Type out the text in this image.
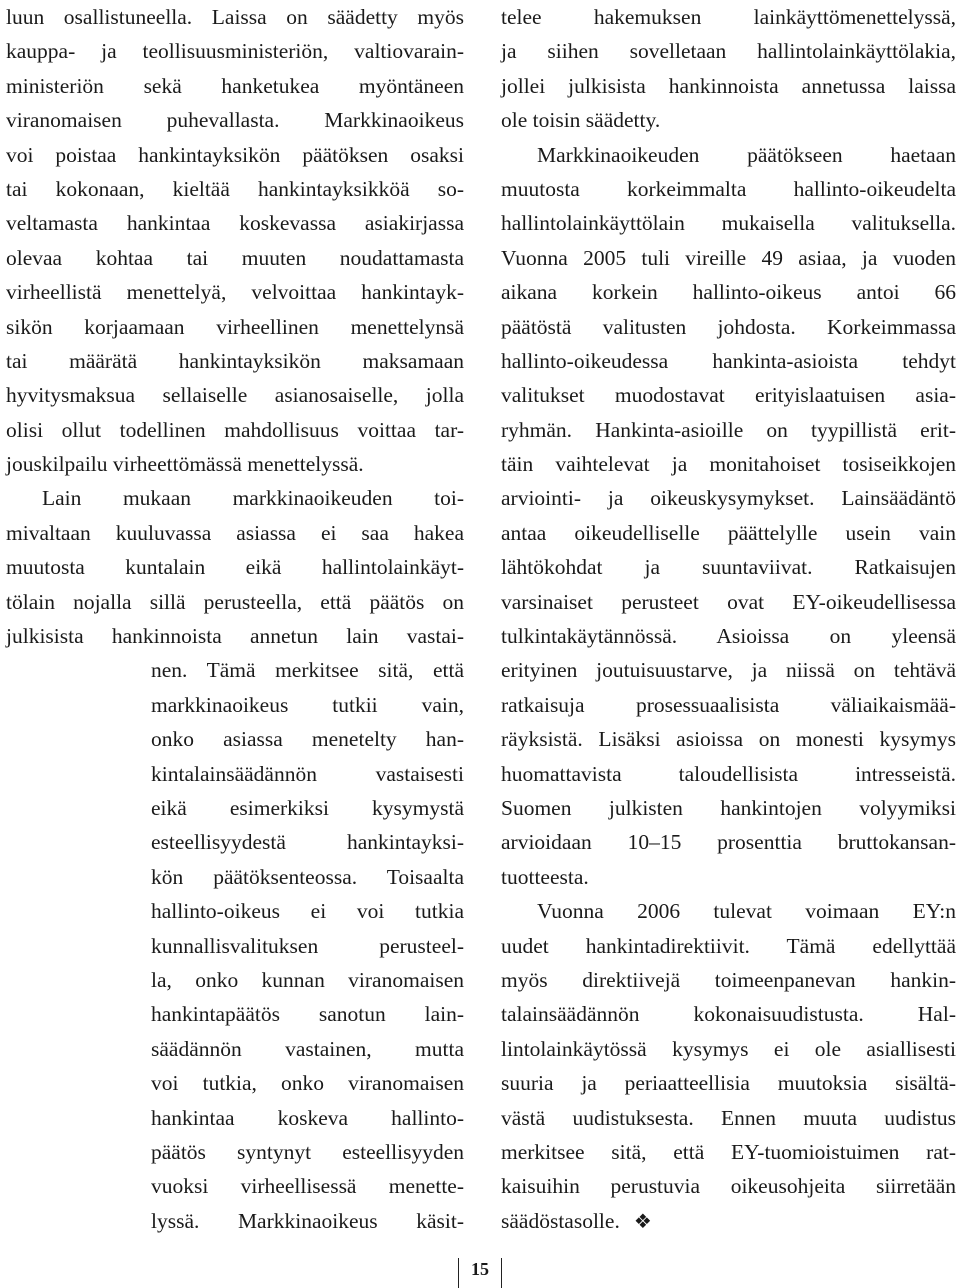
luun osallistuneella. Laissa on säädetty myös
kauppa- ja teollisuusministeriön, valtiovarain-
ministeriön sekä hanketukea myöntäneen
viranomaisen puhevallasta. Markkinaoikeus
voi poistaa hankintayksikön päätöksen osaksi
tai kokonaan, kieltää hankintayksikköä so-
veltamasta hankintaa koskevassa asiakirjassa
olevaa kohtaa tai muuten noudattamasta
virheellistä menettelyä, velvoittaa hankintayk-
sikön korjaamaan virheellinen menettelynsä
tai määrätä hankintayksikön maksamaan
hyvitysmaksua sellaiselle asianosaiselle, jolla
olisi ollut todellinen mahdollisuus voittaa tar-
jouskilpailu virheettömässä menettelyssä.
Lain mukaan markkinaoikeuden toi-
mivaltaan kuuluvassa asiassa ei saa hakea
muutosta kuntalain eikä hallintolainkäyt-
tölain nojalla sillä perusteella, että päätös on
julkisista hankinnoista annetun lain vastai-
nen. Tämä merkitsee sitä, että
markkinaoikeus tutkii vain,
onko asiassa menetelty han-
kintalainsäädännön vastaisesti
eikä esimerkiksi kysymystä
esteellisyydestä hankintayksi-
kön päätöksenteossa. Toisaalta
hallinto-oikeus ei voi tutkia
kunnallisvalituksen perusteel-
la, onko kunnan viranomaisen
hankintapäätös sanotun lain-
säädännön vastainen, mutta
voi tutkia, onko viranomaisen
hankintaa koskeva hallinto-
päätös syntynyt esteellisyyden
vuoksi virheellisessä menette-
lyssä. Markkinaoikeus käsit-
telee hakemuksen lainkäyttömenettelyssä,
ja siihen sovelletaan hallintolainkäyttölakia,
jollei julkisista hankinnoista annetussa laissa
ole toisin säädetty.
Markkinaoikeuden päätökseen haetaan
muutosta korkeimmalta hallinto-oikeudelta
hallintolainkäyttölain mukaisella valituksella.
Vuonna 2005 tuli vireille 49 asiaa, ja vuoden
aikana korkein hallinto-oikeus antoi 66
päätöstä valitusten johdosta. Korkeimmassa
hallinto-oikeudessa hankinta-asioista tehdyt
valitukset muodostavat erityislaatuisen asia-
ryhmän. Hankinta-asioille on tyypillistä erit-
täin vaihtelevat ja monitahoiset tosiseikkojen
arviointi- ja oikeuskysymykset. Lainsäädäntö
antaa oikeudelliselle päättelylle usein vain
lähtökohdat ja suuntaviivat. Ratkaisujen
varsinaiset perusteet ovat EY-oikeudellisessa
tulkintakäytännössä. Asioissa on yleensä
erityinen joutuisuustarve, ja niissä on tehtävä
ratkaisuja prosessuaalisista väliaikaismää-
räyksistä. Lisäksi asioissa on monesti kysymys
huomattavista taloudellisista intresseistä.
Suomen julkisten hankintojen volyymiksi
arvioidaan 10–15 prosenttia bruttokansan-
tuotteesta.
Vuonna 2006 tulevat voimaan EY:n
uudet hankintadirektiivit. Tämä edellyttää
myös direktiivejä toimeenpanevan hankin-
talainsäädännön kokonaisuudistusta. Hal-
lintolainkäytössä kysymys ei ole asiallisesti
suuria ja periaatteellisia muutoksia sisältä-
västä uudistuksesta. Ennen muuta uudistus
merkitsee sitä, että EY-tuomioistuimen rat-
kaisuihin perustuvia oikeusohjeita siirretään
säädöstasolle. ❖
15
